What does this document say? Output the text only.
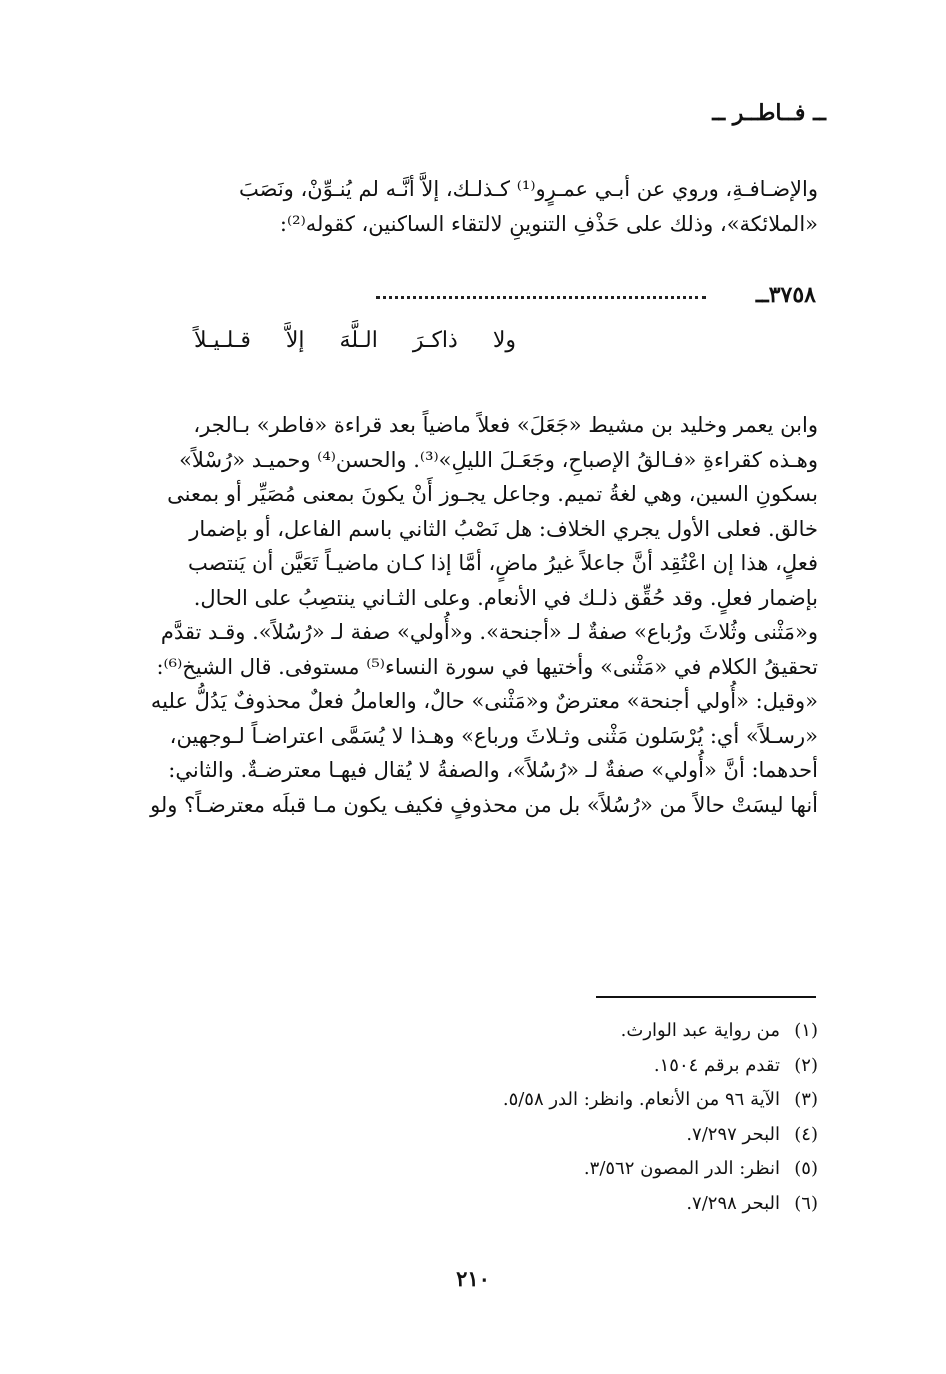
ــ فــاطــر ــ
والإضـافـةِ، وروي عن أبـي عمـرٍو⁽¹⁾ كـذلـك، إلاَّ أنَّـه لم يُنـوِّنْ، ونَصَبَ
«الملائكة»، وذلك على حَذْفِ التنوينِ لالتقاء الساكنين، كقوله⁽²⁾:
٣٧٥٨ــ
ولا ذاكـرَ الـلَّهَ إلاَّ قـلـيـلاً
وابن يعمر وخليد بن مشيط «جَعَلَ» فعلاً ماضياً بعد قراءة «فاطر» بـالجر،
وهـذه كقراءةِ «فـالقُ الإصباحِ، وجَعَـلَ الليلِ»⁽³⁾. والحسن⁽⁴⁾ وحميـد «رُسْلاً»
بسكونِ السين، وهي لغةُ تميم. وجاعل يجـوز أَنْ يكونَ بمعنى مُصَيِّر أو بمعنى
خالق. فعلى الأول يجري الخلاف: هل نَصْبُ الثاني باسم الفاعل، أو بإضمار
فعلٍ، هذا إن اعْتُقِد أنَّ جاعلاً غيرُ ماضٍ، أمَّا إذا كـان ماضيـاً تَعَيَّن أن يَنتصب
بإضمار فعلٍ. وقد حُقِّق ذلـك في الأنعام. وعلى الثـاني ينتصِبُ على الحال.
و«مَثْنى وثُلاثَ ورُباع» صفةٌ لـ «أجنحة». و«أُولي» صفة لـ «رُسُلاً». وقـد تقدَّم
تحقيقُ الكلام في «مَثْنى» وأختيها في سورة النساء⁽⁵⁾ مستوفى. قال الشيخ⁽⁶⁾:
«وقيل: «أُولي أجنحة» معترضٌ و«مَثْنى» حالٌ، والعاملُ فعلٌ محذوفٌ يَدُلُّ عليه
«رسـلاً» أي: يُرْسَلون مَثْنى وثـلاثَ ورباع» وهـذا لا يُسَمَّى اعتراضـاً لـوجهين،
أحدهما: أنَّ «أُولي» صفةٌ لـ «رُسُلاً»، والصفةُ لا يُقال فيهـا معترضـةٌ. والثاني:
أنها ليسَتْ حالاً من «رُسُلاً» بل من محذوفٍ فكيف يكون مـا قبلَه معترضـاً؟ ولو
(١)من رواية عبد الوارث.
(٢)تقدم برقم ١٥٠٤.
(٣)الآية ٩٦ من الأنعام. وانظر: الدر ٥/٥٨.
(٤)البحر ٧/٢٩٧.
(٥)انظر: الدر المصون ٣/٥٦٢.
(٦)البحر ٧/٢٩٨.
٢١٠
